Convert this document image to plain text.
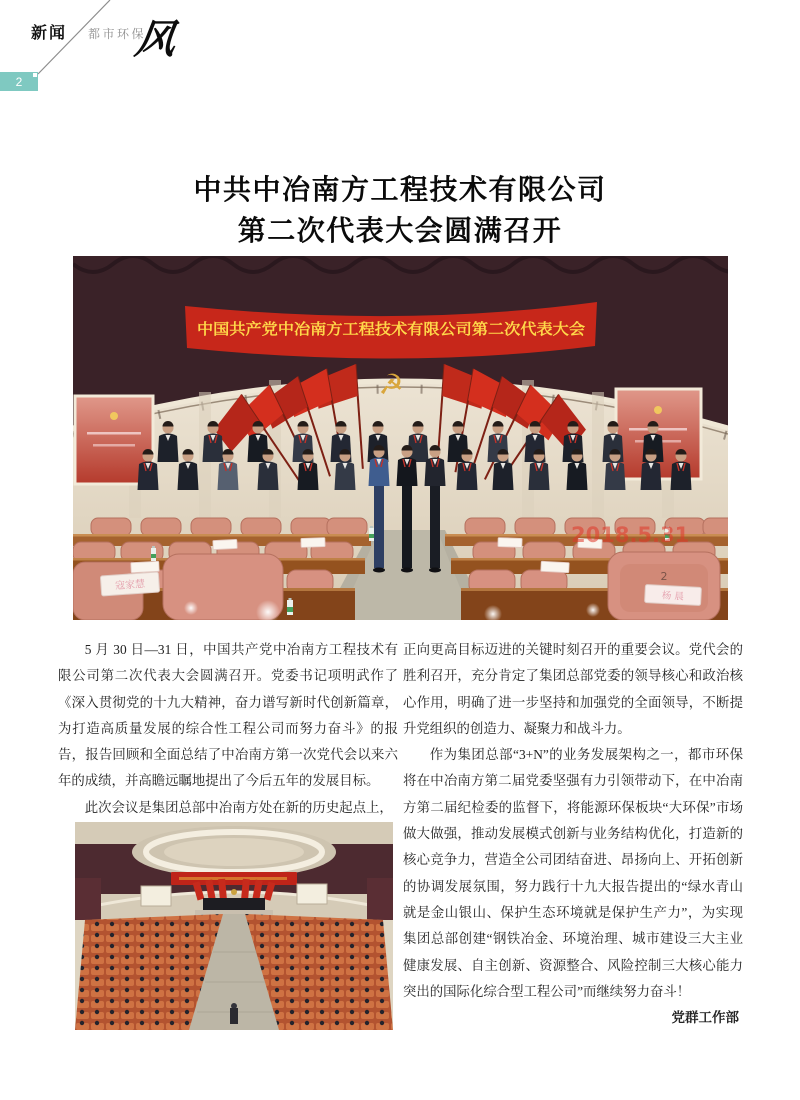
新闻 都市环保
风
2
中共中冶南方工程技术有限公司
第二次代表大会圆满召开
中国共产党中冶南方工程技术有限公司第二次代表大会
☭
2
寇家慧
杨 晨
2018.5.31

5 月 30 日—31 日，中国共产党中冶南方工程技术有限公司第二次代表大会圆满召开。党委书记项明武作了《深入贯彻党的十九大精神，奋力谱写新时代创新篇章，为打造高质量发展的综合性工程公司而努力奋斗》的报告，报告回顾和全面总结了中冶南方第一次党代会以来六年的成绩，并高瞻远瞩地提出了今后五年的发展目标。

此次会议是集团总部中冶南方处在新的历史起点上，

正向更高目标迈进的关键时刻召开的重要会议。党代会的胜利召开，充分肯定了集团总部党委的领导核心和政治核心作用，明确了进一步坚持和加强党的全面领导，不断提升党组织的创造力、凝聚力和战斗力。

作为集团总部“3+N”的业务发展架构之一，都市环保将在中冶南方第二届党委坚强有力引领带动下，在中冶南方第二届纪检委的监督下，将能源环保板块“大环保”市场做大做强，推动发展模式创新与业务结构优化，打造新的核心竞争力，营造全公司团结奋进、昂扬向上、开拓创新的协调发展氛围，努力践行十九大报告提出的“绿水青山就是金山银山、保护生态环境就是保护生产力”，为实现集团总部创建“钢铁冶金、环境治理、城市建设三大主业健康发展、自主创新、资源整合、风险控制三大核心能力突出的国际化综合型工程公司”而继续努力奋斗！

党群工作部
